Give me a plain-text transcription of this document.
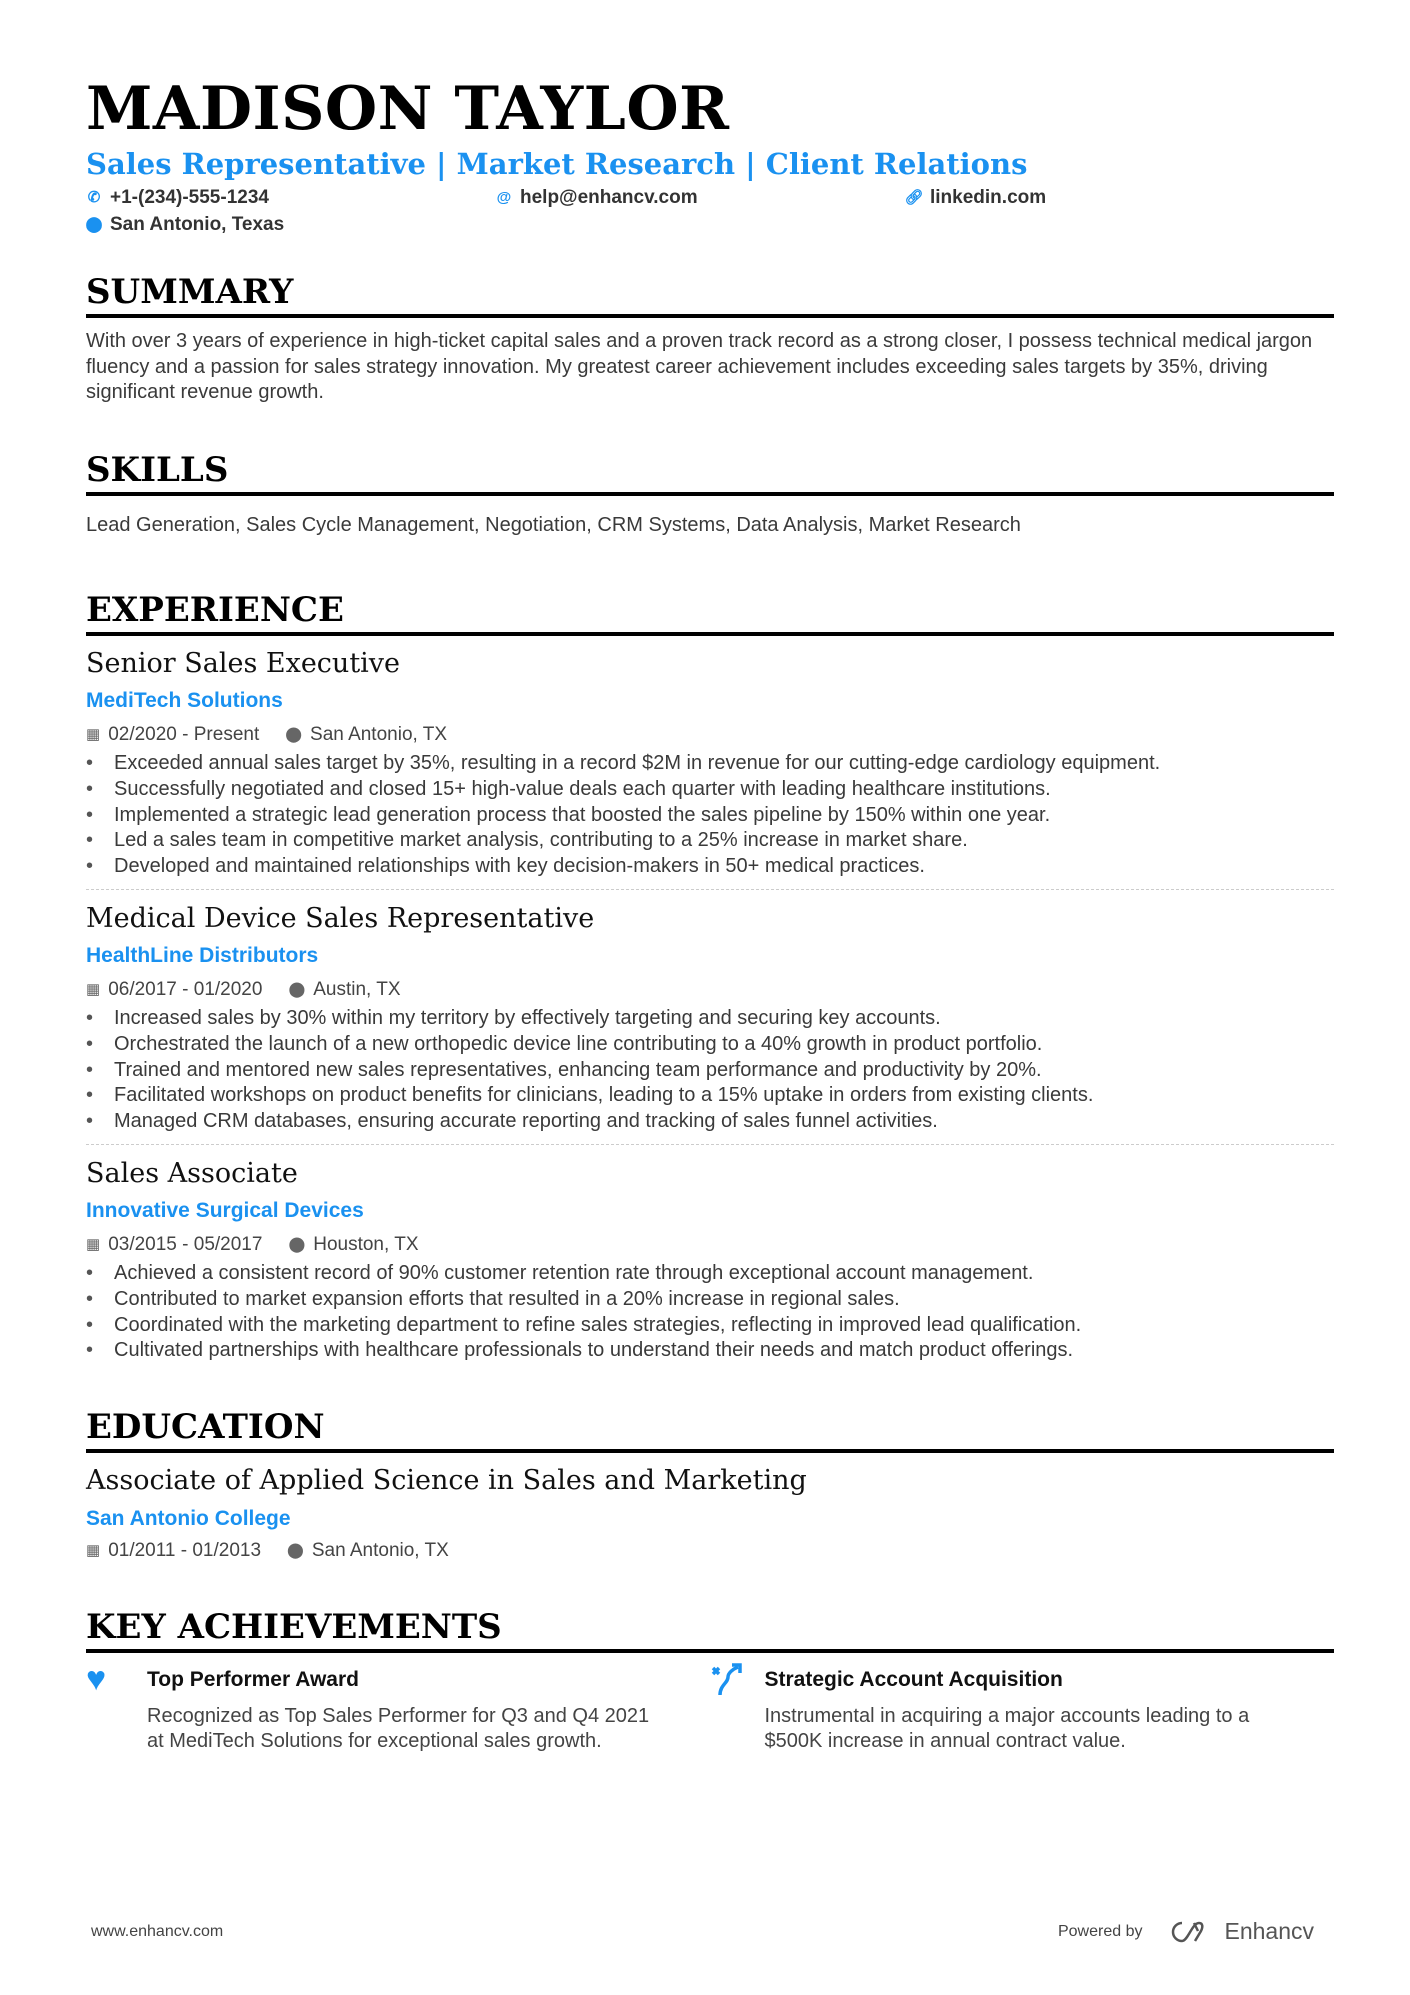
MADISON TAYLOR
Sales Representative | Market Research | Client Relations
✆ +1-(234)-555-1234	@ help@enhancv.com	🔗︎ linkedin.com
⬤ San Antonio, Texas
SUMMARY

With over 3 years of experience in high-ticket capital sales and a proven track record as a strong closer, I possess technical medical jargon fluency and a passion for sales strategy innovation. My greatest career achievement includes exceeding sales targets by 35%, driving significant revenue growth.

SKILLS

Lead Generation, Sales Cycle Management, Negotiation, CRM Systems, Data Analysis, Market Research

EXPERIENCE
Senior Sales Executive
MediTech Solutions
▦ 02/2020 - Present ⬤ San Antonio, TX
• Exceeded annual sales target by 35%, resulting in a record $2M in revenue for our cutting-edge cardiology equipment.
• Successfully negotiated and closed 15+ high-value deals each quarter with leading healthcare institutions.
• Implemented a strategic lead generation process that boosted the sales pipeline by 150% within one year.
• Led a sales team in competitive market analysis, contributing to a 25% increase in market share.
• Developed and maintained relationships with key decision-makers in 50+ medical practices.
Medical Device Sales Representative
HealthLine Distributors
▦ 06/2017 - 01/2020 ⬤ Austin, TX
• Increased sales by 30% within my territory by effectively targeting and securing key accounts.
• Orchestrated the launch of a new orthopedic device line contributing to a 40% growth in product portfolio.
• Trained and mentored new sales representatives, enhancing team performance and productivity by 20%.
• Facilitated workshops on product benefits for clinicians, leading to a 15% uptake in orders from existing clients.
• Managed CRM databases, ensuring accurate reporting and tracking of sales funnel activities.
Sales Associate
Innovative Surgical Devices
▦ 03/2015 - 05/2017 ⬤ Houston, TX
• Achieved a consistent record of 90% customer retention rate through exceptional account management.
• Contributed to market expansion efforts that resulted in a 20% increase in regional sales.
• Coordinated with the marketing department to refine sales strategies, reflecting in improved lead qualification.
• Cultivated partnerships with healthcare professionals to understand their needs and match product offerings.
EDUCATION
Associate of Applied Science in Sales and Marketing
San Antonio College
▦ 01/2011 - 01/2013 ⬤ San Antonio, TX
KEY ACHIEVEMENTS
♥	Top Performer Award
Recognized as Top Sales Performer for Q3 and Q4 2021 at MediTech Solutions for exceptional sales growth.
Strategic Account Acquisition
Instrumental in acquiring a major accounts leading to a $500K increase in annual contract value.
www.enhancv.com	Powered by	Enhancv
